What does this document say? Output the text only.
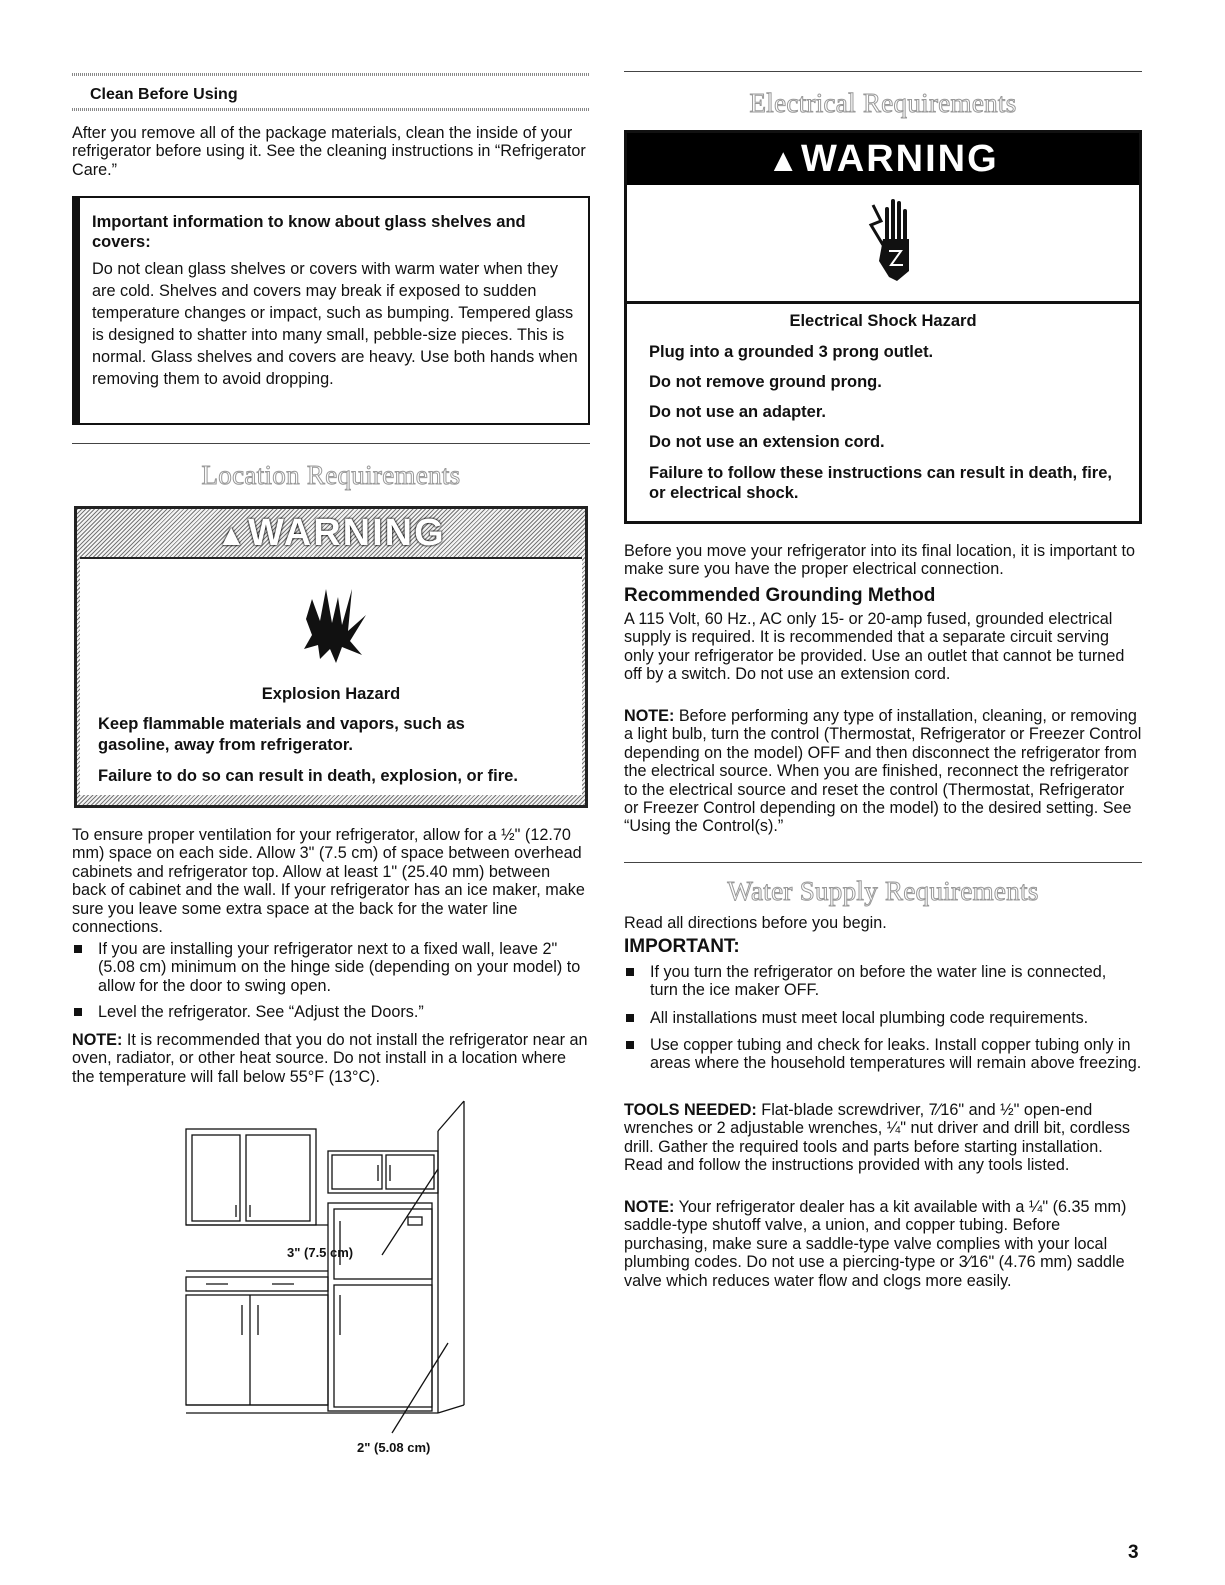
Clean Before Using

After you remove all of the package materials, clean the inside of your refrigerator before using it. See the cleaning instructions in “Refrigerator Care.”

Important information to know about glass shelves and covers:
Do not clean glass shelves or covers with warm water when they are cold. Shelves and covers may break if exposed to sudden temperature changes or impact, such as bumping. Tempered glass is designed to shatter into many small, pebble-size pieces. This is normal. Glass shelves and covers are heavy. Use both hands when removing them to avoid dropping.
Location Requirements
▲WARNING
Explosion Hazard
Keep flammable materials and vapors, such as gasoline, away from refrigerator.
Failure to do so can result in death, explosion, or fire.

To ensure proper ventilation for your refrigerator, allow for a ½" (12.70 mm) space on each side. Allow 3" (7.5 cm) of space between overhead cabinets and refrigerator top. Allow at least 1" (25.40 mm) between back of cabinet and the wall. If your refrigerator has an ice maker, make sure you leave some extra space at the back for the water line connections.

If you are installing your refrigerator next to a fixed wall, leave 2" (5.08 cm) minimum on the hinge side (depending on your model) to allow for the door to swing open.
Level the refrigerator. See “Adjust the Doors.”

NOTE: It is recommended that you do not install the refrigerator near an oven, radiator, or other heat source. Do not install in a location where the temperature will fall below 55°F (13°C).

3" (7.5 cm)
2" (5.08 cm)
Electrical Requirements
▲WARNING
Electrical Shock Hazard
Plug into a grounded 3 prong outlet.
Do not remove ground prong.
Do not use an adapter.
Do not use an extension cord.
Failure to follow these instructions can result in death, fire, or electrical shock.

Before you move your refrigerator into its final location, it is important to make sure you have the proper electrical connection.

Recommended Grounding Method

A 115 Volt, 60 Hz., AC only 15- or 20-amp fused, grounded electrical supply is required. It is recommended that a separate circuit serving only your refrigerator be provided. Use an outlet that cannot be turned off by a switch. Do not use an extension cord.

NOTE: Before performing any type of installation, cleaning, or removing a light bulb, turn the control (Thermostat, Refrigerator or Freezer Control depending on the model) OFF and then disconnect the refrigerator from the electrical source. When you are finished, reconnect the refrigerator to the electrical source and reset the control (Thermostat, Refrigerator or Freezer Control depending on the model) to the desired setting. See “Using the Control(s).”

Water Supply Requirements

Read all directions before you begin.

IMPORTANT:
If you turn the refrigerator on before the water line is connected, turn the ice maker OFF.
All installations must meet local plumbing code requirements.
Use copper tubing and check for leaks. Install copper tubing only in areas where the household temperatures will remain above freezing.

TOOLS NEEDED: Flat-blade screwdriver, 7⁄16" and ½" open-end wrenches or 2 adjustable wrenches, ¼" nut driver and drill bit, cordless drill. Gather the required tools and parts before starting installation. Read and follow the instructions provided with any tools listed.

NOTE: Your refrigerator dealer has a kit available with a ¼" (6.35 mm) saddle-type shutoff valve, a union, and copper tubing. Before purchasing, make sure a saddle-type valve complies with your local plumbing codes. Do not use a piercing-type or 3⁄16" (4.76 mm) saddle valve which reduces water flow and clogs more easily.

3
